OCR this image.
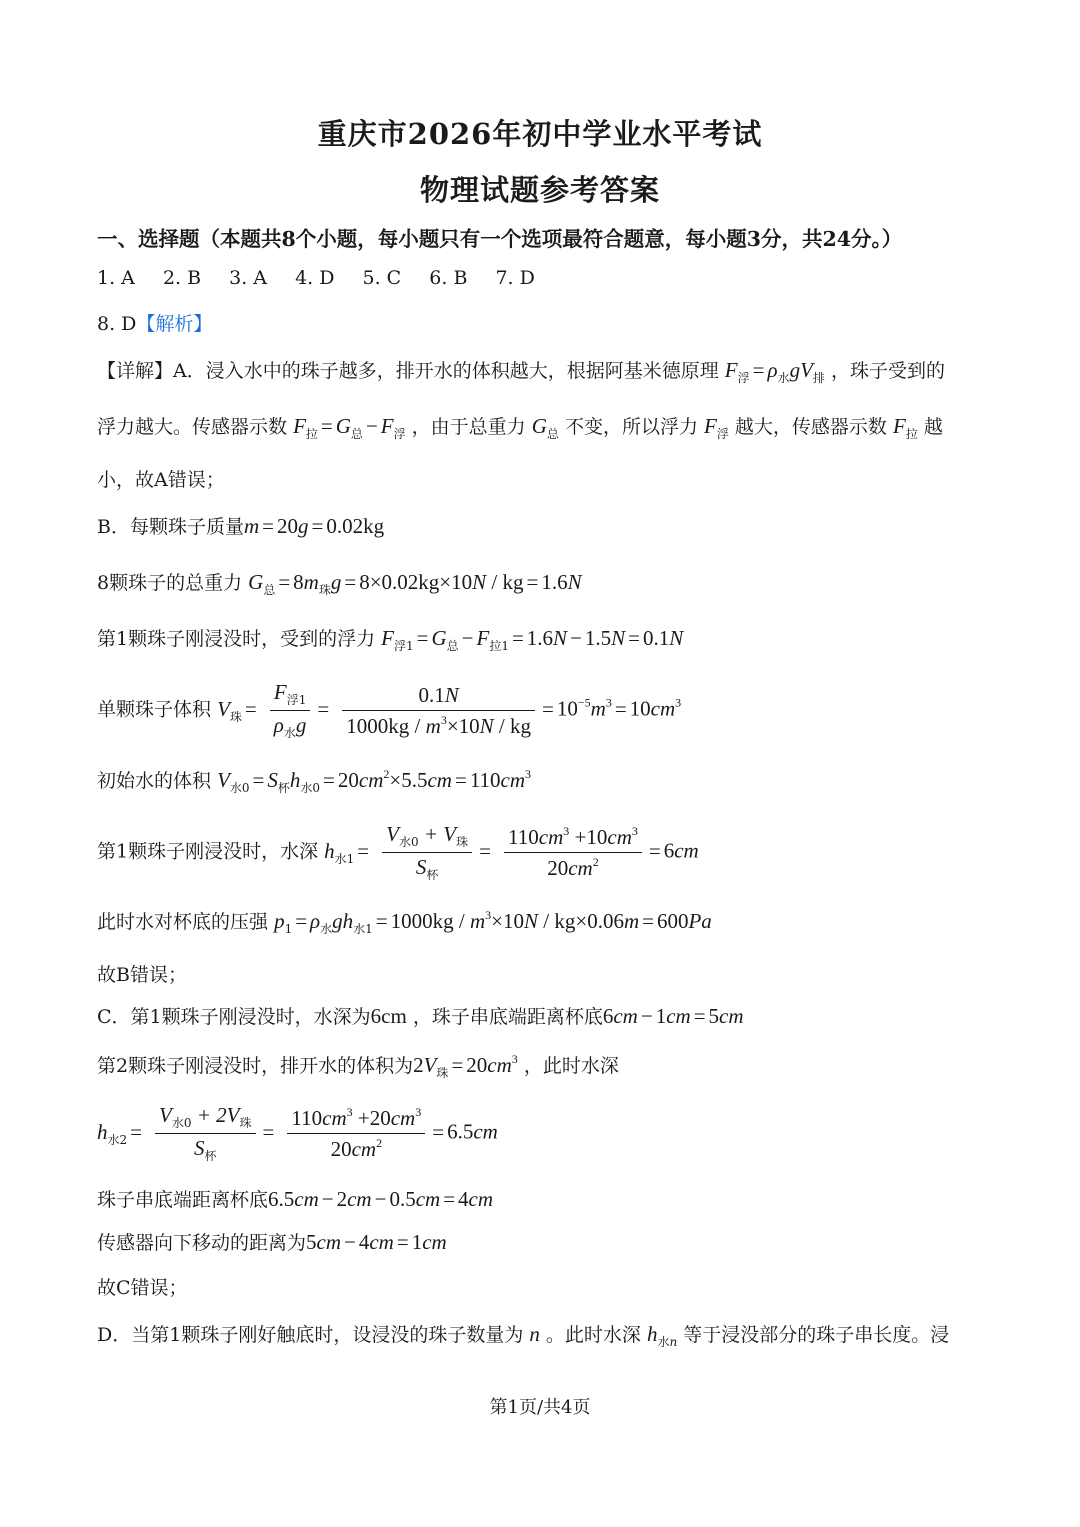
重庆市2026年初中学业水平考试
物理试题参考答案
一、选择题（本题共8个小题，每小题只有一个选项最符合题意，每小题3分，共24分。）
1. A 2. B 3. A 4. D 5. C 6. B 7. D
8. D【解析】
【详解】A．浸入水中的珠子越多，排开水的体积越大，根据阿基米德原理 $F_浮 = \rho_水gV_排$ ，珠子受到的
浮力越大。传感器示数 $F_拉 = G_总 - F_浮$ ，由于总重力 $G_总$ 不变，所以浮力 $F_浮$ 越大，传感器示数 $F_拉$ 越
小，故A错误；
B．每颗珠子质量m = 20g = 0.02kg
8颗珠子的总重力 $G_总 = 8m_珠g = 8\times 0.02kg\times 10N$ / kg = 1.6N
第1颗珠子刚浸没时，受到的浮力 $F_{浮1} = G_总 - F_{拉1} = 1.6N - 1.5N = 0.1N$
单颗珠子体积 $V_珠 = \frac{F_{浮1}}{\rho_水g} = \frac{0.1N}{1000kg / m^3\times 10N / kg} = 10^{-5}m^3 = 10cm^3$
初始水的体积 $V_{水0} = S_杯h_{水0} = 20cm^2\times 5.5cm = 110cm^3$
第1颗珠子刚浸没时，水深 $h_{水1} = \frac{V_{水0} + V_珠}{S_杯} = \frac{110cm^3 +10cm^3}{20cm^2} = 6cm$
此时水对杯底的压强 $p_1 = \rho_水gh_{水1} = 1000kg / m^3\times 10N / kg\times 0.06m = 600Pa$
故B错误；
C．第1颗珠子刚浸没时，水深为6cm ，珠子串底端距离杯底6cm − 1cm = 5cm
第2颗珠子刚浸没时，排开水的体积为$2V_珠 = 20cm^3$ ，此时水深
$h_{水2} = \frac{V_{水0} + 2V_珠}{S_杯} = \frac{110cm^3 +20cm^3}{20cm^2} = 6.5cm$
珠子串底端距离杯底6.5cm − 2cm − 0.5cm = 4cm
传感器向下移动的距离为5cm − 4cm = 1cm
故C错误；
D．当第1颗珠子刚好触底时，设浸没的珠子数量为 n 。此时水深 $h_{水n}$ 等于浸没部分的珠子串长度。浸
第1页/共4页
